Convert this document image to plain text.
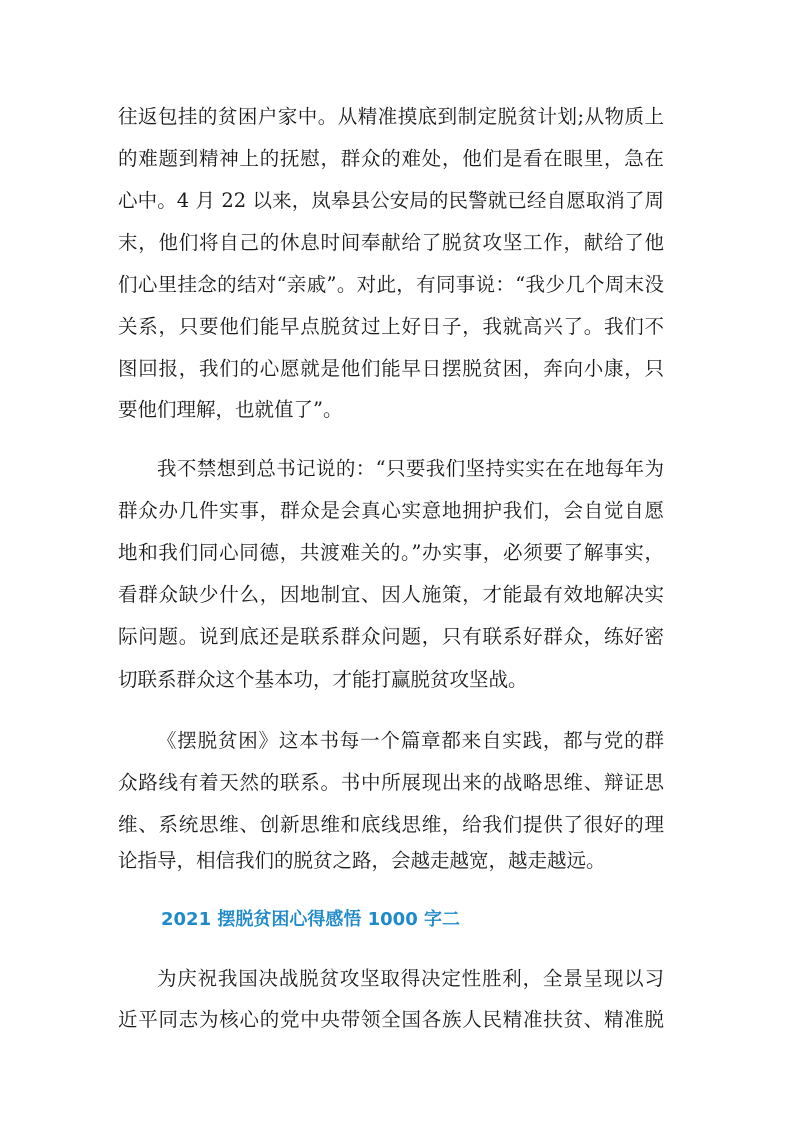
往返包挂的贫困户家中。从精准摸底到制定脱贫计划;从物质上
的难题到精神上的抚慰，群众的难处，他们是看在眼里，急在
心中。4 月 22 以来，岚皋县公安局的民警就已经自愿取消了周
末，他们将自己的休息时间奉献给了脱贫攻坚工作，献给了他
们心里挂念的结对“亲戚”。对此，有同事说：“我少几个周末没
关系，只要他们能早点脱贫过上好日子，我就高兴了。我们不
图回报，我们的心愿就是他们能早日摆脱贫困，奔向小康，只
要他们理解，也就值了”。
我不禁想到总书记说的：“只要我们坚持实实在在地每年为
群众办几件实事，群众是会真心实意地拥护我们，会自觉自愿
地和我们同心同德，共渡难关的。”办实事，必须要了解事实，
看群众缺少什么，因地制宜、因人施策，才能最有效地解决实
际问题。说到底还是联系群众问题，只有联系好群众，练好密
切联系群众这个基本功，才能打赢脱贫攻坚战。
《摆脱贫困》这本书每一个篇章都来自实践，都与党的群
众路线有着天然的联系。书中所展现出来的战略思维、辩证思
维、系统思维、创新思维和底线思维，给我们提供了很好的理
论指导，相信我们的脱贫之路，会越走越宽，越走越远。
2021 摆脱贫困心得感悟 1000 字二
为庆祝我国决战脱贫攻坚取得决定性胜利，全景呈现以习
近平同志为核心的党中央带领全国各族人民精准扶贫、精准脱
